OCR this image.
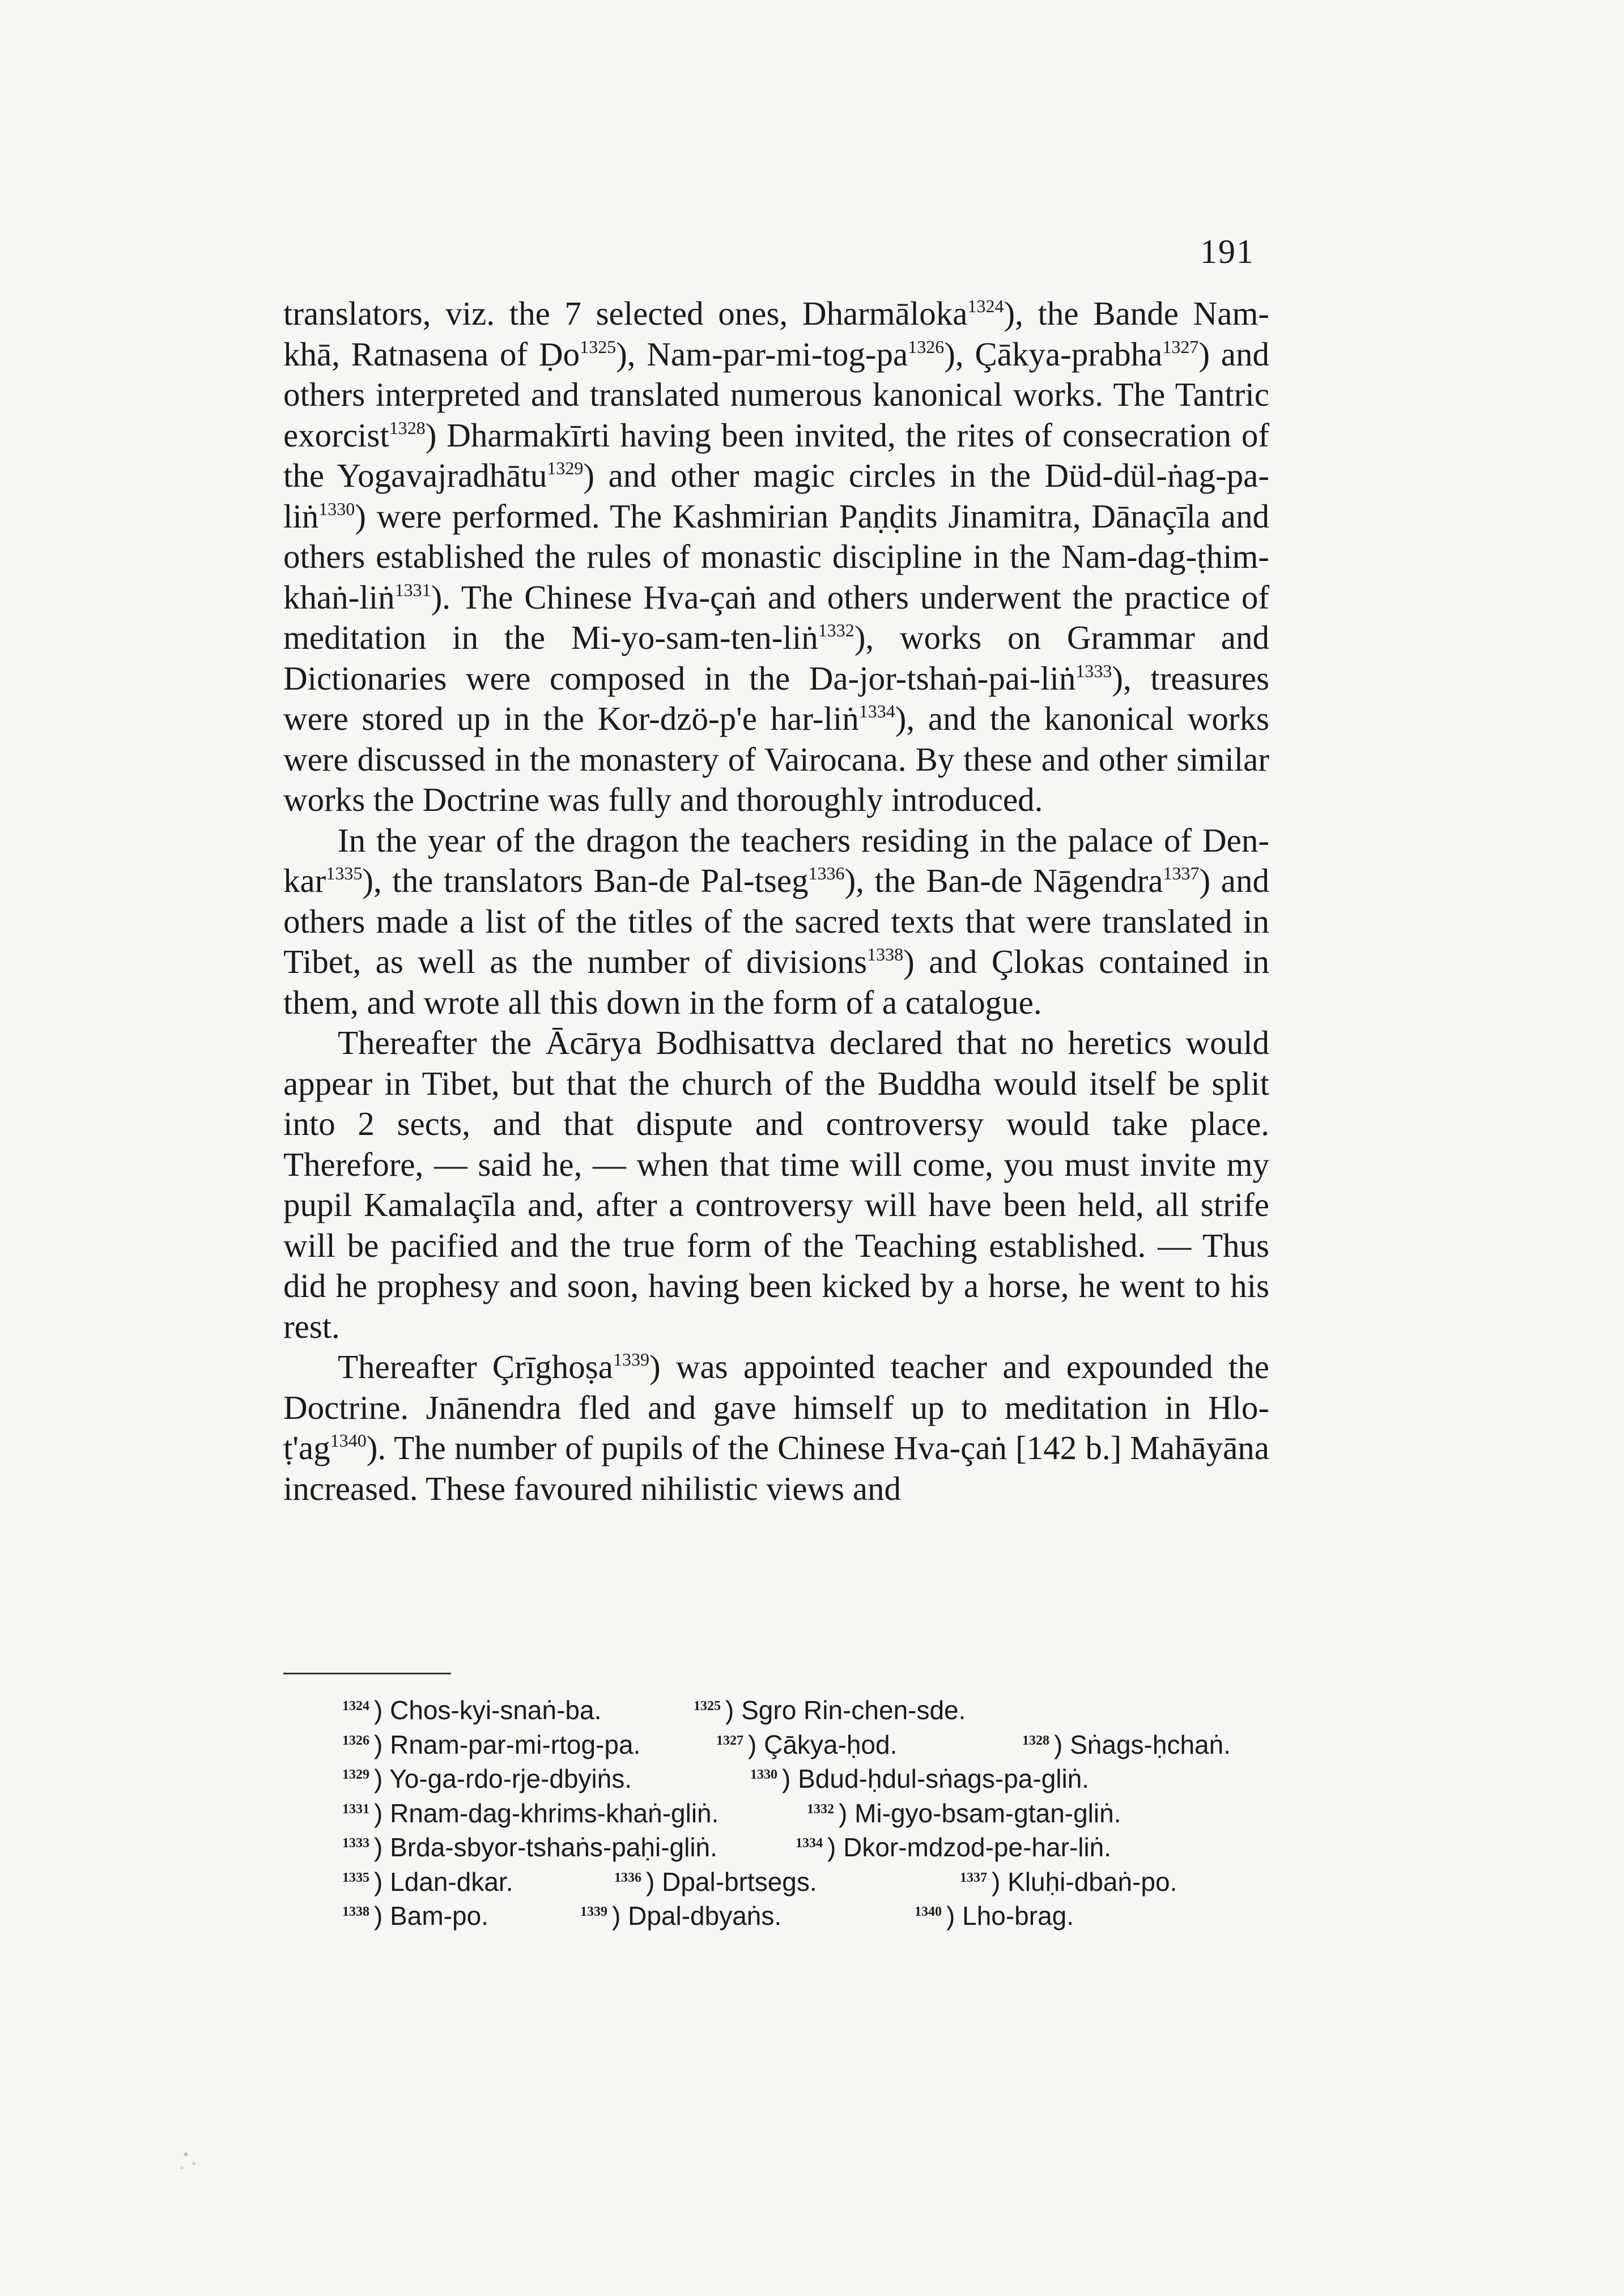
191

translators, viz. the 7 selected ones, Dharmāloka$^{1324}$), the Bande Nam-khā, Ratnasena of Ḍo$^{1325}$), Nam-$par-mi-tog-pa^{1326}$), Çākya-prabha$^{1327}$) and others interpreted and translated numerous kanonical works. The Tantric exorcist$^{1328}$) Dharmakīrti having been invited, the rites of consecration of the Yogavajradhātu$^{1329}$) and other magic circles in the Düd-dül-ṅag-pa-liṅ$^{1330}$) were performed. The Kashmirian Paṇḍits Jinamitra, Dānaçīla and others established the rules of monastic discipline in the Nam-dag-ṭhim-khaṅ-liṅ$^{1331}$). The Chinese Hva-çaṅ and others underwent the practice of meditation in the Mi-yo-sam-ten-liṅ$^{1332}$), works on Grammar and Dictionaries were composed in the Da-jor-tshaṅ-pai-liṅ$^{1333}$), treasures were stored up in the Kor-dzö-p'e har-liṅ$^{1334}$), and the kanonical works were discussed in the monastery of Vairocana. By these and other similar works the Doctrine was fully and thoroughly introduced.

In the year of the dragon the teachers residing in the palace of Den-kar$^{1335}$), the translators Ban-de Pal-tseg$^{1336}$), the Ban-de Nāgendra$^{1337}$) and others made a list of the titles of the sacred texts that were translated in Tibet, as well as the number of divisions$^{1338}$) and Çlokas contained in them, and wrote all this down in the form of a catalogue.

Thereafter the Ācārya Bodhisattva declared that no heretics would appear in Tibet, but that the church of the Buddha would itself be split into 2 sects, and that dispute and controversy would take place. Therefore, — said he, — when that time will come, you must invite my pupil Kamalaçīla and, after a controversy will have been held, all strife will be pacified and the true form of the Teaching established. — Thus did he prophesy and soon, having been kicked by a horse, he went to his rest.

Thereafter Çrīghoṣa$^{1339}$) was appointed teacher and expounded the Doctrine. Jnānendra fled and gave himself up to meditation in Hlo-$ṭ'ag^{1340}$). The number of pupils of the Chinese Hva-çaṅ [142 b.] Mahāyāna increased. These favoured nihilistic views and

$^{1324}$ ) Chos-kyi-snaṅ-ba.	$^{1325}$ ) Sgro Rin-chen-sde.
$^{1326}$ ) Rnam-par-mi-rtog-pa.	$^{1327}$ ) Çākya-ḥod.	$^{1328}$ ) Sṅags-ḥchaṅ.
$^{1329}$ ) Yo-ga-rdo-rje-dbyiṅs.	$^{1330}$ ) Bdud-ḥdul-sṅags-pa-gliṅ.
$^{1331}$ ) Rnam-dag-khrims-khaṅ-gliṅ.	$^{1332}$ ) Mi-gyo-bsam-gtan-gliṅ.
$^{1333}$ ) Brda-sbyor-tshaṅs-paḥi-gliṅ.	$^{1334}$ ) Dkor-mdzod-pe-har-liṅ.
$^{1335}$ ) Ldan-dkar.	$^{1336}$ ) Dpal-brtsegs.	$^{1337}$ ) Kluḥi-dbaṅ-po.
$^{1338}$ ) Bam-po.	$^{1339}$ ) Dpal-dbyaṅs.	$^{1340}$ ) Lho-brag.
